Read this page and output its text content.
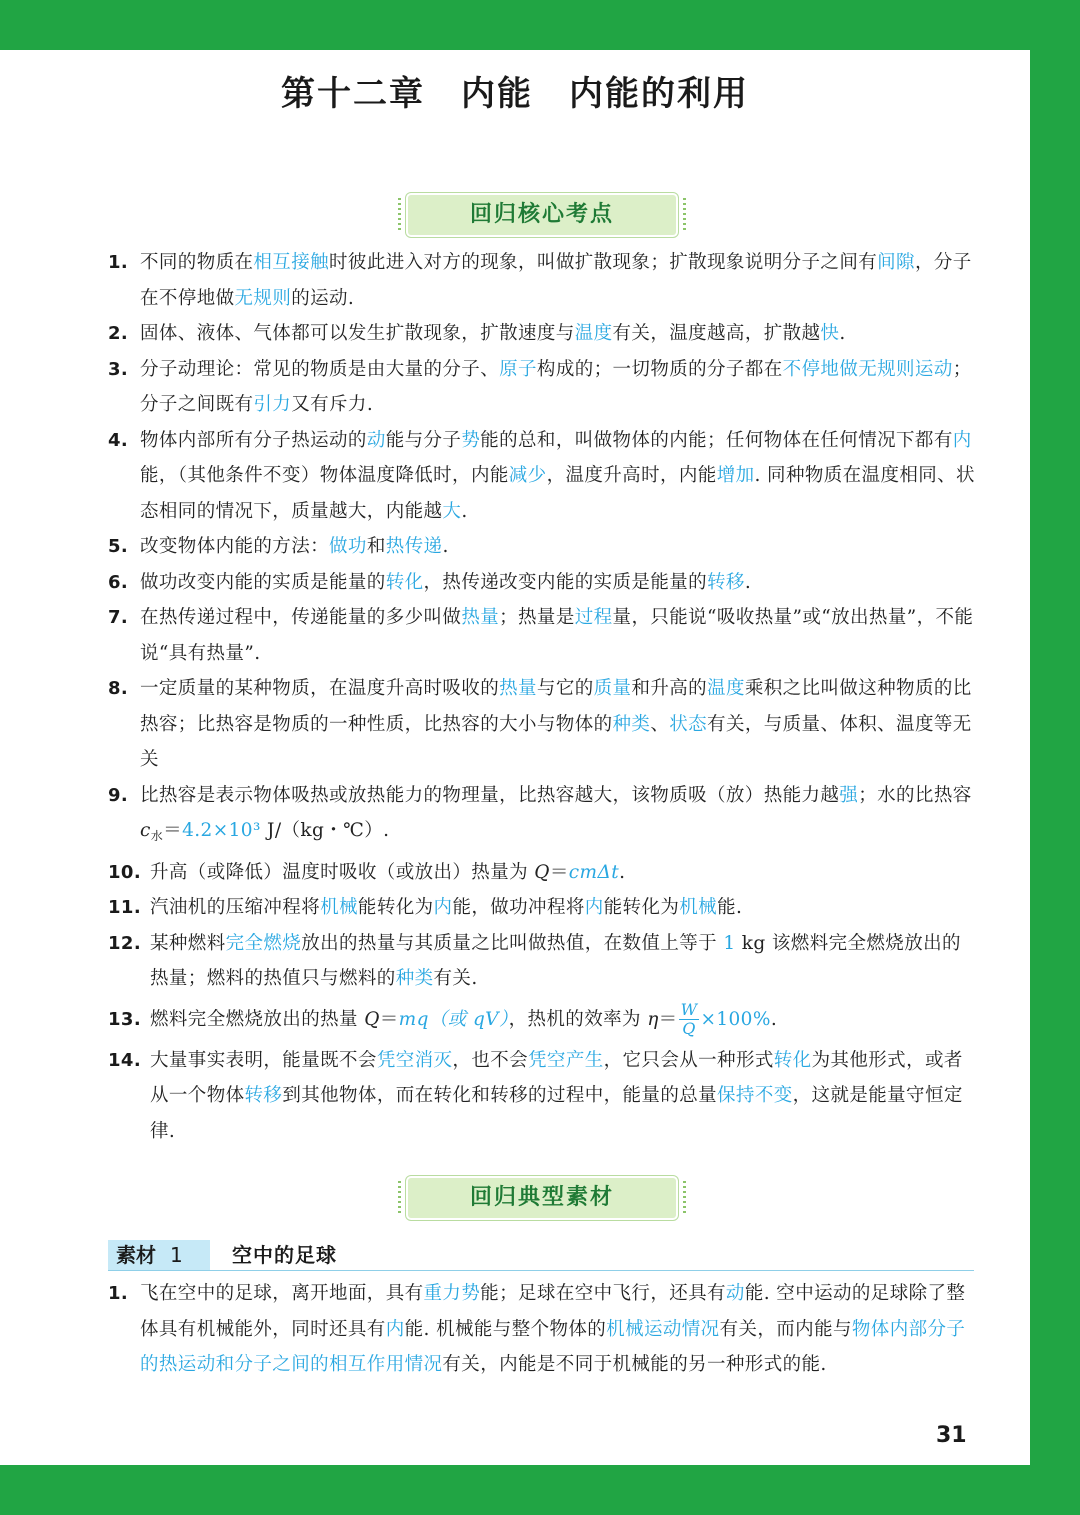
第十二章　内能　内能的利用
回归核心考点
1. 不同的物质在相互接触时彼此进入对方的现象，叫做扩散现象；扩散现象说明分子之间有间隙，分子在不停地做无规则的运动.
2. 固体、液体、气体都可以发生扩散现象，扩散速度与温度有关，温度越高，扩散越快.
3. 分子动理论：常见的物质是由大量的分子、原子构成的；一切物质的分子都在不停地做无规则运动；分子之间既有引力又有斥力.
4. 物体内部所有分子热运动的动能与分子势能的总和，叫做物体的内能；任何物体在任何情况下都有内能，（其他条件不变）物体温度降低时，内能减少，温度升高时，内能增加. 同种物质在温度相同、状态相同的情况下，质量越大，内能越大.
5. 改变物体内能的方法：做功和热传递.
6. 做功改变内能的实质是能量的转化，热传递改变内能的实质是能量的转移.
7. 在热传递过程中，传递能量的多少叫做热量；热量是过程量，只能说“吸收热量”或“放出热量”，不能说“具有热量”.
8. 一定质量的某种物质，在温度升高时吸收的热量与它的质量和升高的温度乘积之比叫做这种物质的比热容；比热容是物质的一种性质，比热容的大小与物体的种类、状态有关，与质量、体积、温度等无关
9. 比热容是表示物体吸热或放热能力的物理量，比热容越大，该物质吸（放）热能力越强；水的比热容 $c_水=4.2\times 10^3$ J/（kg・℃）.
10. 升高（或降低）温度时吸收（或放出）热量为 Q＝cmΔt.
11. 汽油机的压缩冲程将机械能转化为内能，做功冲程将内能转化为机械能.
12. 某种燃料完全燃烧放出的热量与其质量之比叫做热值，在数值上等于 1 kg 该燃料完全燃烧放出的热量；燃料的热值只与燃料的种类有关.
13. 燃料完全燃烧放出的热量 Q＝mq（或 qV），热机的效率为 $\eta= \frac{W}{Q} \times 100\%$.
14. 大量事实表明，能量既不会凭空消灭，也不会凭空产生，它只会从一种形式转化为其他形式，或者从一个物体转移到其他物体，而在转化和转移的过程中，能量的总量保持不变，这就是能量守恒定律.
回归典型素材
素材 1	空中的足球
1. 飞在空中的足球，离开地面，具有重力势能；足球在空中飞行，还具有动能. 空中运动的足球除了整体具有机械能外，同时还具有内能. 机械能与整个物体的机械运动情况有关，而内能与物体内部分子的热运动和分子之间的相互作用情况有关，内能是不同于机械能的另一种形式的能.
31
